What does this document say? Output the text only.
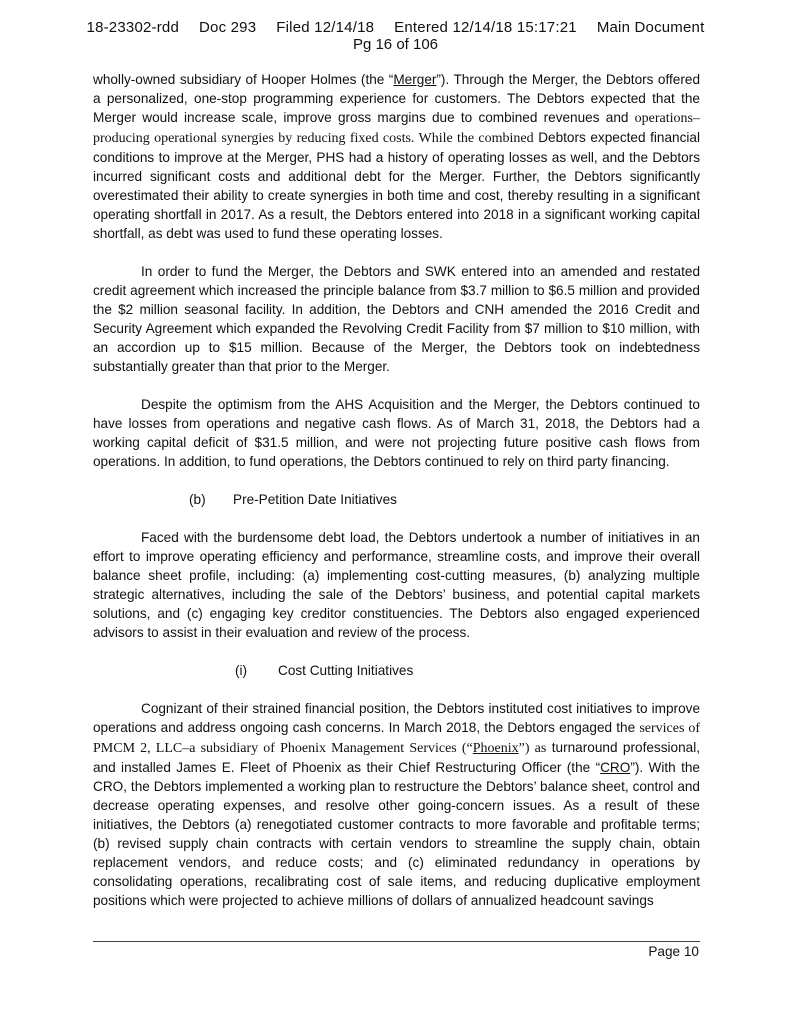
18-23302-rdd Doc 293 Filed 12/14/18 Entered 12/14/18 15:17:21 Main Document
Pg 16 of 106

wholly-owned subsidiary of Hooper Holmes (the “Merger”). Through the Merger, the Debtors offered a personalized, one-stop programming experience for customers. The Debtors expected that the Merger would increase scale, improve gross margins due to combined revenues and operations–producing operational synergies by reducing fixed costs. While the combined Debtors expected financial conditions to improve at the Merger, PHS had a history of operating losses as well, and the Debtors incurred significant costs and additional debt for the Merger. Further, the Debtors significantly overestimated their ability to create synergies in both time and cost, thereby resulting in a significant operating shortfall in 2017. As a result, the Debtors entered into 2018 in a significant working capital shortfall, as debt was used to fund these operating losses.

In order to fund the Merger, the Debtors and SWK entered into an amended and restated credit agreement which increased the principle balance from $3.7 million to $6.5 million and provided the $2 million seasonal facility. In addition, the Debtors and CNH amended the 2016 Credit and Security Agreement which expanded the Revolving Credit Facility from $7 million to $10 million, with an accordion up to $15 million. Because of the Merger, the Debtors took on indebtedness substantially greater than that prior to the Merger.

Despite the optimism from the AHS Acquisition and the Merger, the Debtors continued to have losses from operations and negative cash flows. As of March 31, 2018, the Debtors had a working capital deficit of $31.5 million, and were not projecting future positive cash flows from operations. In addition, to fund operations, the Debtors continued to rely on third party financing.

(b) Pre-Petition Date Initiatives

Faced with the burdensome debt load, the Debtors undertook a number of initiatives in an effort to improve operating efficiency and performance, streamline costs, and improve their overall balance sheet profile, including: (a) implementing cost-cutting measures, (b) analyzing multiple strategic alternatives, including the sale of the Debtors’ business, and potential capital markets solutions, and (c) engaging key creditor constituencies. The Debtors also engaged experienced advisors to assist in their evaluation and review of the process.

(i) Cost Cutting Initiatives

Cognizant of their strained financial position, the Debtors instituted cost initiatives to improve operations and address ongoing cash concerns. In March 2018, the Debtors engaged the services of PMCM 2, LLC–a subsidiary of Phoenix Management Services (“Phoenix”) as turnaround professional, and installed James E. Fleet of Phoenix as their Chief Restructuring Officer (the “CRO”). With the CRO, the Debtors implemented a working plan to restructure the Debtors’ balance sheet, control and decrease operating expenses, and resolve other going-concern issues. As a result of these initiatives, the Debtors (a) renegotiated customer contracts to more favorable and profitable terms; (b) revised supply chain contracts with certain vendors to streamline the supply chain, obtain replacement vendors, and reduce costs; and (c) eliminated redundancy in operations by consolidating operations, recalibrating cost of sale items, and reducing duplicative employment positions which were projected to achieve millions of dollars of annualized headcount savings

Page 10
